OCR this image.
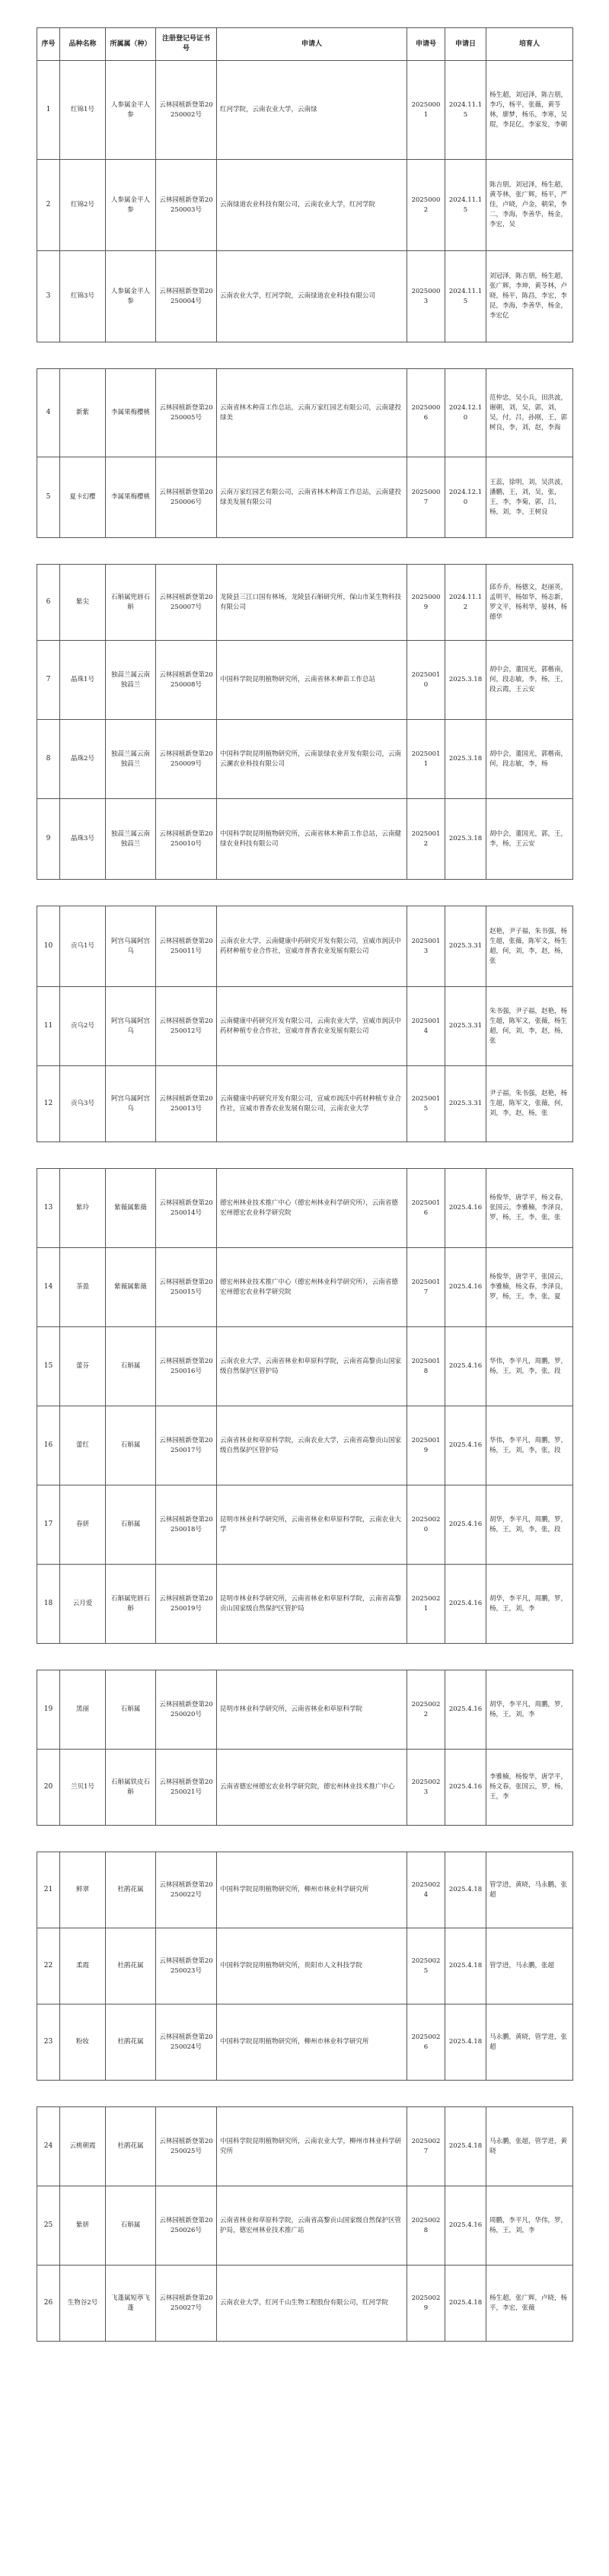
序号	品种名称	所属属（种）	注册登记号证书号	申请人	申请号	申请日	培育人
1	红锦1号	人参属金平人参	云林园植新登第20250002号	红河学院，云南农业大学，云南绿	20250001	2024.11.15	杨生超，刘冠泽，陈吉朋，李巧，杨平，张薇，黄苓林，廖梦，杨乐，李寒，吴琨，李昆亿，李家发，李朝
2	红锦2号	人参属金平人参	云林园植新登第20250003号	云南绿道农业科技有限公司，云南农业大学，红河学院	20250002	2024.11.15	陈吉朋，刘冠泽，杨生超，黄苓林，张广辉，杨平，严佳，卢晓，卢金，朝荣，李二，李海，李善华，杨金，李宏，吴
3	红锦3号	人参属金平人参	云林园植新登第20250004号	云南农业大学，红河学院，云南绿道农业科技有限公司	20250003	2024.11.15	刘冠泽，陈吉朋，杨生超，张广辉，李坤，黄苓林，卢晓，杨平，陈昌，李宏，李昆，李海，李善华，杨金，李宏亿

4	新紫	李属果梅樱桃	云林园植新登第20250005号	云南省林木种苗工作总站，云南万家红园艺有限公司，云南建投绿美	20250006	2024.12.10	范仲忠，吴小兵，田洪波，谢朝，刘，吴，郭，刘，吴，付，吕，孙刚，王，郭树良，李，刘，赵，李海
5	夏卡幻樱	李属果梅樱桃	云林园植新登第20250006号	云南万家红园艺有限公司，云南省林木种苗工作总站，云南建投绿美发展有限公司	20250007	2024.12.10	王蕊，徐明，刘，吴洪波，潘鹏，王，刘，吴，张，王，李，李菊，郭，吕，杨，刘，李，王树良

6	紫尖	石斛属兜唇石斛	云林园植新登第20250007号	龙陵县三江口国有林场，龙陵县石斛研究所，保山市某生物科技有限公司	20250009	2024.11.12	邱乔乔，杨德文，赵丽英，孟明平，杨如华，杨志新，罗文平，杨利华，晏林，杨德华
7	晶珠1号	独蒜兰属云南独蒜兰	云林园植新登第20250008号	中国科学院昆明植物研究所，云南省林木种苗工作总站	20250010	2025.3.18	胡中会，董国光，郭楷南，何，段志敏，李，杨，王，段云霞，王云安
8	晶珠2号	独蒜兰属云南独蒜兰	云林园植新登第20250009号	中国科学院昆明植物研究所，云南景绿农业开发有限公司，云南云澜农业科技有限公司	20250011	2025.3.18	胡中会，董国光，郭楷南，何，段志敏，李，杨
9	晶珠3号	独蒜兰属云南独蒜兰	云林园植新登第20250010号	中国科学院昆明植物研究所，云南省林木种苗工作总站，云南健绿农业科技有限公司	20250012	2025.3.18	胡中会，董国光，郭，王，李，杨，王云安

10	贡乌1号	阿宫乌属阿宫乌	云林园植新登第20250011号	云南农业大学，云南健康中药研究开发有限公司，宣威市润沃中药材种植专业合作社，宣威市普香农业发展有限公司	20250013	2025.3.31	赵艳，尹子福，朱书强，杨生超，张薇，陈军文，杨生超，何，刘，李，赵，杨，张
11	贡乌2号	阿宫乌属阿宫乌	云林园植新登第20250012号	云南健康中药研究开发有限公司，云南农业大学，宣威市润沃中药材种植专业合作社，宣威市普香农业发展有限公司	20250014	2025.3.31	朱书强，尹子福，赵艳，杨生超，陈军文，张薇，杨生超，何，刘，李，赵，杨，张
12	贡乌3号	阿宫乌属阿宫乌	云林园植新登第20250013号	云南健康中药研究开发有限公司，宣威市润沃中药材种植专业合作社，宣威市普香农业发展有限公司，云南农业大学	20250015	2025.3.31	尹子福，朱书强，赵艳，杨生超，陈军文，张薇，何，刘，李，赵，杨，张

13	紫玲	紫薇属紫薇	云林园植新登第20250014号	德宏州林业技术推广中心（德宏州林业科学研究所），云南省德宏州德宏农业科学研究院	20250016	2025.4.16	杨俊华，唐学平，杨文春，张国云，李雅楠，李泽良，罗，杨，王，李，张，张
14	茶盈	紫薇属紫薇	云林园植新登第20250015号	德宏州林业技术推广中心（德宏州林业科学研究所），云南省德宏州德宏农业科学研究院	20250017	2025.4.16	杨俊华，唐学平，张国云，李雅楠，杨文春，李泽良，罗，杨，王，李，张，夏
15	蕾芬	石斛属	云林园植新登第20250016号	云南农业大学，云南省林业和草原科学院，云南省高黎贡山国家级自然保护区管护局	20250018	2025.4.16	华伟，李平凡，周鹏，罗，杨，王，刘，李，张，段
16	蕾红	石斛属	云林园植新登第20250017号	云南省林业和草原科学院，云南农业大学，云南省高黎贡山国家级自然保护区管护局	20250019	2025.4.16	华伟，李平凡，周鹏，罗，杨，王，刘，李，张，段
17	春妍	石斛属	云林园植新登第20250018号	昆明市林业科学研究所，云南省林业和草原科学院，云南农业大学	20250020	2025.4.16	胡华，李平凡，周鹏，罗，杨，王，刘，李，张，段
18	云月爱	石斛属兜唇石斛	云林园植新登第20250019号	昆明市林业科学研究所，云南省林业和草原科学院，云南省高黎贡山国家级自然保护区管护局	20250021	2025.4.16	胡华，李平凡，周鹏，罗，杨，王，刘，李

19	黑丽	石斛属	云林园植新登第20250020号	昆明市林业科学研究所，云南省林业和草原科学院	20250022	2025.4.16	胡华，李平凡，周鹏，罗，杨，王，刘，李
20	兰贝1号	石斛属铁皮石斛	云林园植新登第20250021号	云南省德宏州德宏农业科学研究院，德宏州林业技术推广中心	20250023	2025.4.16	李雅楠，杨俊华，唐学平，杨文春，张国云，罗，杨，王，李

21	鲜翠	杜鹃花属	云林园植新登第20250022号	中国科学院昆明植物研究所，柳州市林业科学研究所	20250024	2025.4.18	管学进，黄晓，马永鹏，张超
22	柔霞	杜鹃花属	云林园植新登第20250023号	中国科学院昆明植物研究所，贵阳市人文科技学院	20250025	2025.4.18	管学进，马永鹏，张超
23	粉妆	杜鹃花属	云林园植新登第20250024号	中国科学院昆明植物研究所，柳州市林业科学研究所	20250026	2025.4.18	马永鹏，黄晓，管学进，张超

24	云桃朝霞	杜鹃花属	云林园植新登第20250025号	中国科学院昆明植物研究所，云南农业大学，柳州市林业科学研究所	20250027	2025.4.18	马永鹏，张超，管学进，黄晓
25	紫妍	石斛属	云林园植新登第20250026号	云南省林业和草原科学院，云南省高黎贡山国家级自然保护区管护局，德宏州林业技术推广站	20250028	2025.4.16	周鹏，李平凡，华伟，罗，杨，王，刘，李
26	生物谷2号	飞蓬属短葶飞蓬	云林园植新登第20250027号	云南农业大学，红河千山生物工程股份有限公司，红河学院	20250029	2025.4.18	杨生超，张广辉，卢晓，杨平，李宏，张薇
